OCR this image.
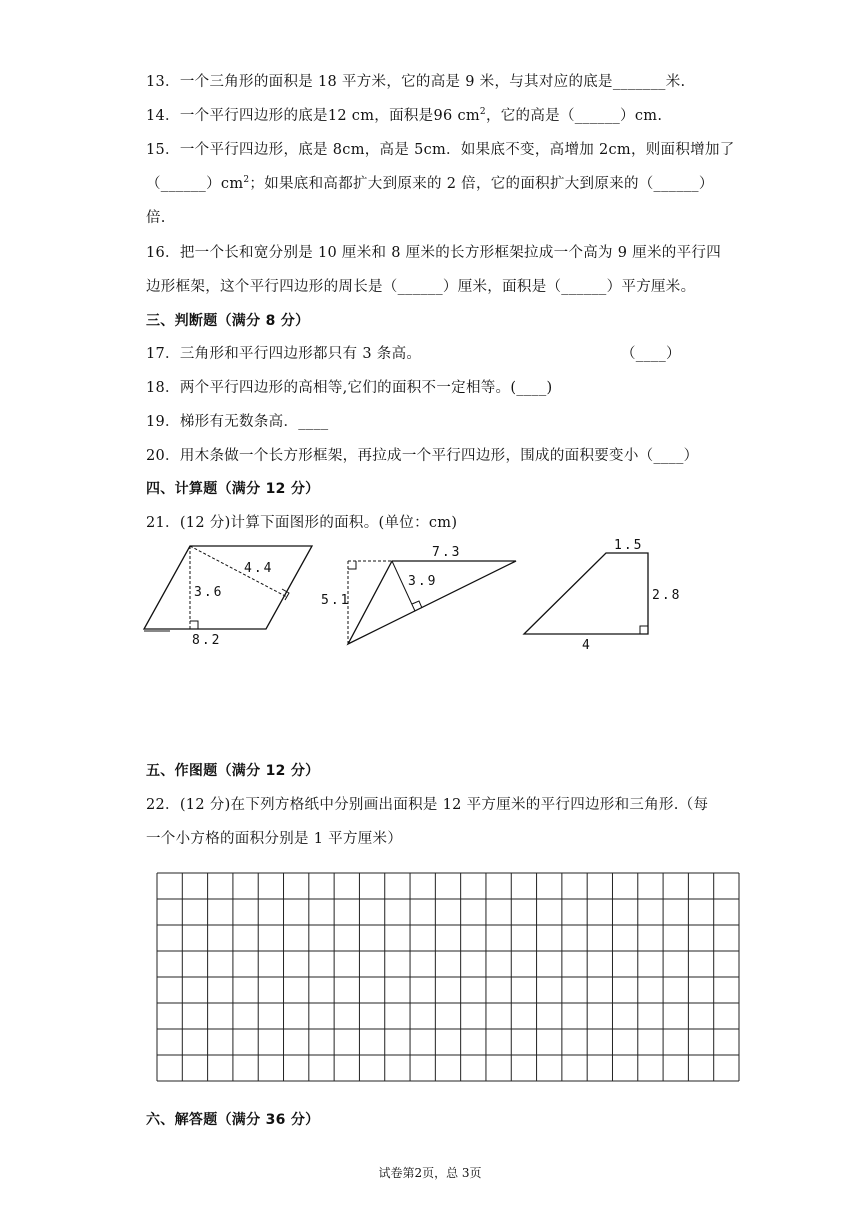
13．一个三角形的面积是 18 平方米，它的高是 9 米，与其对应的底是_______米.
14．一个平行四边形的底是12 cm，面积是96 $cm^2$，它的高是（______）cm.
15．一个平行四边形，底是 8cm，高是 5cm．如果底不变，高增加 2cm，则面积增加了
$(\_\_\_\_\_\_)cm^2$；如果底和高都扩大到原来的 2 倍，它的面积扩大到原来的（______）
倍.
16．把一个长和宽分别是 10 厘米和 8 厘米的长方形框架拉成一个高为 9 厘米的平行四
边形框架，这个平行四边形的周长是（______）厘米，面积是（______）平方厘米。
三、判断题（满分 8 分）
17．三角形和平行四边形都只有 3 条高。	（____）
18．两个平行四边形的高相等,它们的面积不一定相等。(____)
19．梯形有无数条高．____
20．用木条做一个长方形框架，再拉成一个平行四边形，围成的面积要变小（____）
四、计算题（满分 12 分）
21．(12 分)计算下面图形的面积。(单位：cm)
3.6
4.4
8.2
7.3
5.1
3.9
1.5
2.8
4
五、作图题（满分 12 分）
22．(12 分)在下列方格纸中分别画出面积是 12 平方厘米的平行四边形和三角形.（每
一个小方格的面积分别是 1 平方厘米）
六、解答题（满分 36 分）
试卷第2页，总 3页
